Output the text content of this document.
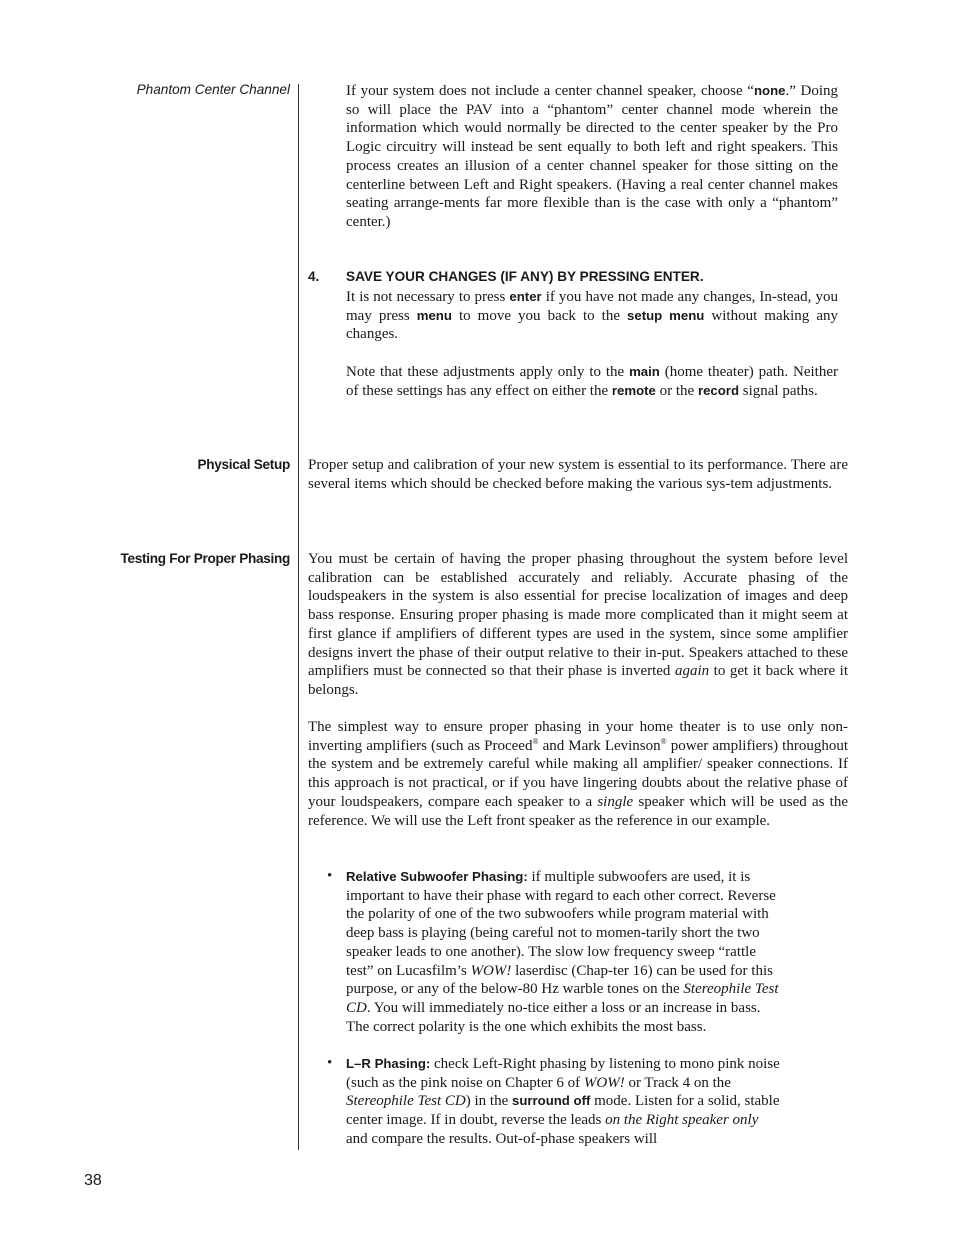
Phantom Center Channel
Physical Setup
Testing For Proper Phasing
If your system does not include a center channel speaker, choose “none.” Doing so will place the PAV into a “phantom” center channel mode wherein the information which would normally be directed to the center speaker by the Pro Logic circuitry will instead be sent equally to both left and right speakers. This process creates an illusion of a center channel speaker for those sitting on the centerline between Left and Right speakers. (Having a real center channel makes seating arrange-ments far more flexible than is the case with only a “phantom” center.)
4. SAVE YOUR CHANGES (IF ANY) BY PRESSING ENTER.
It is not necessary to press enter if you have not made any changes, In-stead, you may press menu to move you back to the setup menu without making any changes.
Note that these adjustments apply only to the main (home theater) path. Neither of these settings has any effect on either the remote or the record signal paths.
Proper setup and calibration of your new system is essential to its performance. There are several items which should be checked before making the various sys-tem adjustments.
You must be certain of having the proper phasing throughout the system before level calibration can be established accurately and reliably. Accurate phasing of the loudspeakers in the system is also essential for precise localization of images and deep bass response. Ensuring proper phasing is made more complicated than it might seem at first glance if amplifiers of different types are used in the system, since some amplifier designs invert the phase of their output relative to their in-put. Speakers attached to these amplifiers must be connected so that their phase is inverted again to get it back where it belongs.
The simplest way to ensure proper phasing in your home theater is to use only non-inverting amplifiers (such as Proceed® and Mark Levinson® power amplifiers) throughout the system and be extremely careful while making all amplifier/ speaker connections. If this approach is not practical, or if you have lingering doubts about the relative phase of your loudspeakers, compare each speaker to a single speaker which will be used as the reference. We will use the Left front speaker as the reference in our example.
• Relative Subwoofer Phasing: if multiple subwoofers are used, it is important to have their phase with regard to each other correct. Reverse the polarity of one of the two subwoofers while program material with deep bass is playing (being careful not to momen-tarily short the two speaker leads to one another). The slow low frequency sweep “rattle test” on Lucasfilm’s WOW! laserdisc (Chap-ter 16) can be used for this purpose, or any of the below-80 Hz warble tones on the Stereophile Test CD. You will immediately no-tice either a loss or an increase in bass. The correct polarity is the one which exhibits the most bass.
• L–R Phasing: check Left-Right phasing by listening to mono pink noise (such as the pink noise on Chapter 6 of WOW! or Track 4 on the Stereophile Test CD) in the surround off mode. Listen for a solid, stable center image. If in doubt, reverse the leads on the Right speaker only and compare the results. Out-of-phase speakers will
38
